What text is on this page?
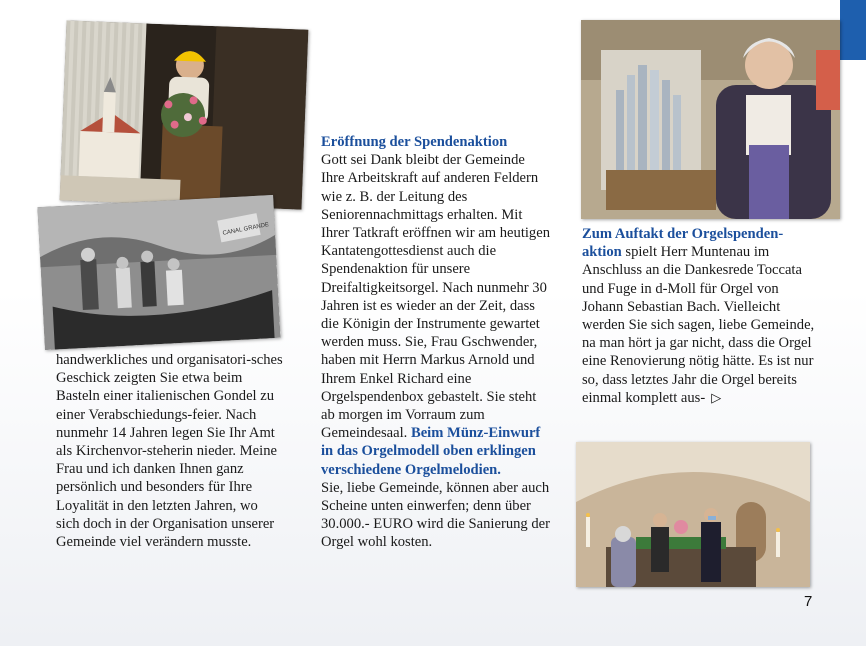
CANAL GRANDE

handwerkliches und organisatori-sches Geschick zeigten Sie etwa beim Basteln einer italienischen Gondel zu einer Verabschiedungs-feier. Nach nunmehr 14 Jahren legen Sie Ihr Amt als Kirchenvor-steherin nieder. Meine Frau und ich danken Ihnen ganz persönlich und besonders für Ihre Loyalität in den letzten Jahren, wo sich doch in der Organisation unserer Gemeinde viel verändern musste.

Eröffnung der Spendenaktion
Gott sei Dank bleibt der Gemeinde Ihre Arbeitskraft auf anderen Feldern wie z. B. der Leitung des Seniorennachmittags erhalten. Mit Ihrer Tatkraft eröffnen wir am heutigen Kantatengottesdienst auch die Spendenaktion für unsere Dreifaltigkeitsorgel. Nach nunmehr 30 Jahren ist es wieder an der Zeit, dass die Königin der Instrumente gewartet werden muss. Sie, Frau Gschwender, haben mit Herrn Markus Arnold und Ihrem Enkel Richard eine Orgelspendenbox gebastelt. Sie steht ab morgen im Vorraum zum Gemeindesaal. Beim Münz-Einwurf in das Orgelmodell oben erklingen verschiedene Orgelmelodien.
Sie, liebe Gemeinde, können aber auch Scheine unten einwerfen; denn über 30.000.- EURO wird die Sanierung der Orgel wohl kosten.

Zum Auftakt der Orgelspenden-aktion spielt Herr Muntenau im Anschluss an die Dankesrede Toccata und Fuge in d-Moll für Orgel von Johann Sebastian Bach. Vielleicht werden Sie sich sagen, liebe Gemeinde, na man hört ja gar nicht, dass die Orgel eine Renovierung nötig hätte. Es ist nur so, dass letztes Jahr die Orgel bereits einmal komplett aus- ▷

7
